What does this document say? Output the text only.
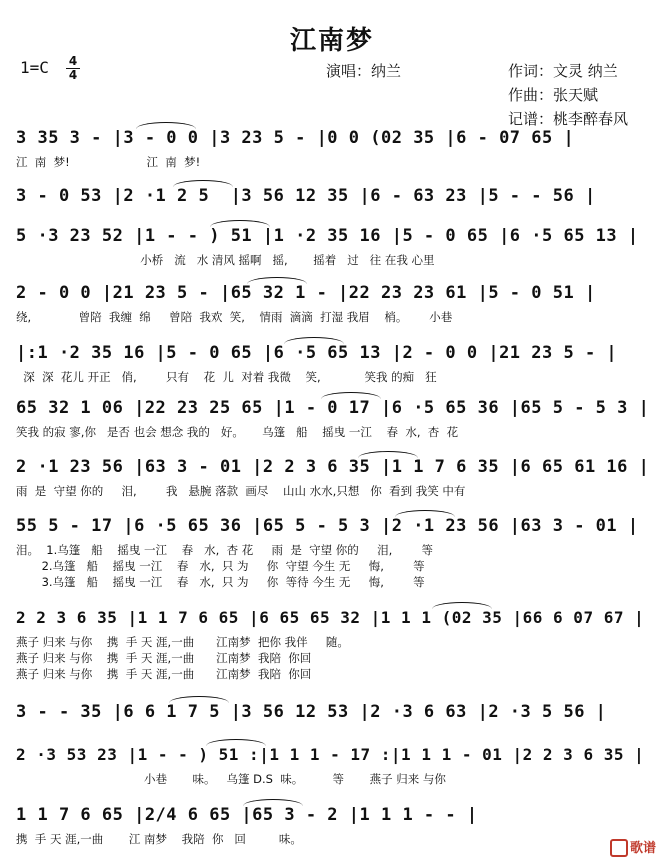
江南梦
1=C 4
4	演唱：纳兰	作词：文灵 纳兰
作曲：张天赋
记谱：桃李醉春风
3 35 3 - |3 - 0 0 |3 23 5 - |0 0 (02 35 |6 - 07 65 |
江  南  梦!                     江  南  梦!
3 - 0 53 |2 ·1 2 5  |3 56 12 35 |6 - 63 23 |5 - - 56 |
5 ·3 23 52 |1 - - ) 51 |1 ·2 35 16 |5 - 0 65 |6 ·5 65 13 |
小桥   流   水 清风 摇啊   摇,       摇着   过   往 在我 心里
2 - 0 0 |21 23 5 - |65 32 1 - |22 23 23 61 |5 - 0 51 |
绕,             曾陪  我缠  绵     曾陪  我欢  笑,    情雨  滴滴  打湿 我眉    梢。      小巷
|:1 ·2 35 16 |5 - 0 65 |6 ·5 65 13 |2 - 0 0 |21 23 5 - |
深  深  花儿 开正   俏,        只有    花  儿  对着 我微    笑,            笑我 的痴   狂
65 32 1 06 |22 23 25 65 |1 - 0 17 |6 ·5 65 36 |65 5 - 5 3 |
笑我 的寂 寥,你   是否 也会 想念 我的   好。     乌篷   船    摇曳 一江    春  水,  杏  花
2 ·1 23 56 |63 3 - 01 |2 2 3 6 35 |1 1 7 6 35 |6 65 61 16 |
雨  是  守望 你的     泪,        我   悬腕 落款  画尽    山山 水水,只想   你  看到 我笑 中有
55 5 - 17 |6 ·5 65 36 |65 5 - 5 3 |2 ·1 23 56 |63 3 - 01 |
泪。  1.乌篷   船    摇曳 一江    春   水,  杏 花     雨  是  守望 你的     泪,        等
2.乌篷   船    摇曳 一江    春   水,  只 为     你  守望 今生 无     悔,        等
3.乌篷   船    摇曳 一江    春   水,  只 为     你  等待 今生 无     悔,        等
2 2 3 6 35 |1 1 7 6 65 |6 65 65 32 |1 1 1 (02 35 |66 6 07 67 |
燕子 归来 与你    携  手 天 涯,一曲      江南梦  把你 我伴     随。
燕子 归来 与你    携  手 天 涯,一曲      江南梦  我陪  你回
燕子 归来 与你    携  手 天 涯,一曲      江南梦  我陪  你回
3 - - 35 |6 6 1 7 5 |3 56 12 53 |2 ·3 6 63 |2 ·3 5 56 |
2 ·3 53 23 |1 - - ) 51 :|1 1 1 - 17 :|1 1 1 - 01 |2 2 3 6 35 |
小巷       味。   乌篷 D.S  味。        等       燕子 归来 与你
1 1 7 6 65 |2/4 6 65 |65 3 - 2 |1 1 1 - - |
携  手 天 涯,一曲       江 南梦    我陪  你   回         味。
歌谱
